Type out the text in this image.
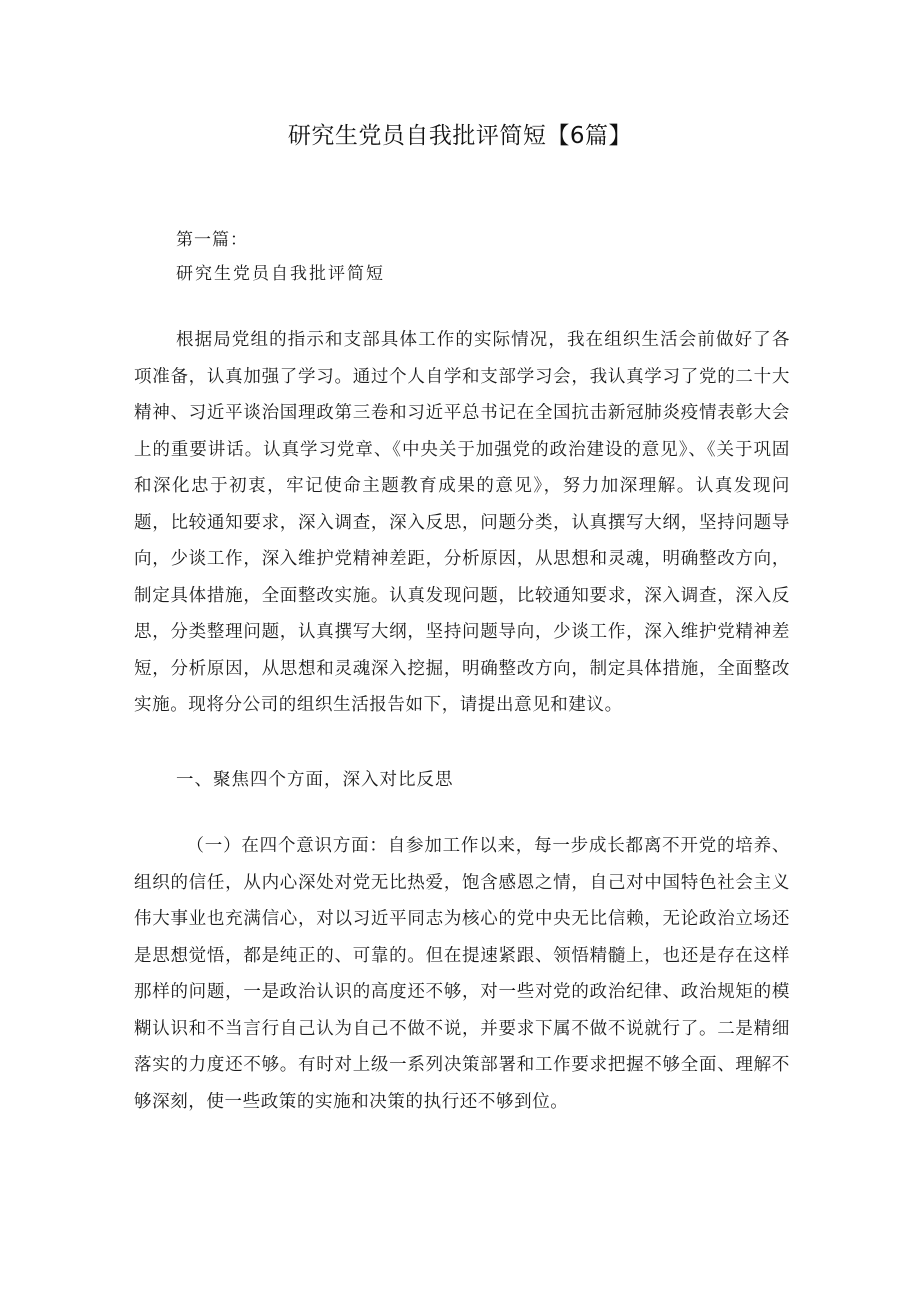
研究生党员自我批评简短【6篇】

第一篇：

研究生党员自我批评简短

根据局党组的指示和支部具体工作的实际情况，我在组织生活会前做好了各项准备，认真加强了学习。通过个人自学和支部学习会，我认真学习了党的二十大精神、习近平谈治国理政第三卷和习近平总书记在全国抗击新冠肺炎疫情表彰大会上的重要讲话。认真学习党章、《中央关于加强党的政治建设的意见》、《关于巩固和深化忠于初衷，牢记使命主题教育成果的意见》，努力加深理解。认真发现问题，比较通知要求，深入调查，深入反思，问题分类，认真撰写大纲，坚持问题导向，少谈工作，深入维护党精神差距，分析原因，从思想和灵魂，明确整改方向，制定具体措施，全面整改实施。认真发现问题，比较通知要求，深入调查，深入反思，分类整理问题，认真撰写大纲，坚持问题导向，少谈工作，深入维护党精神差短，分析原因，从思想和灵魂深入挖掘，明确整改方向，制定具体措施，全面整改实施。现将分公司的组织生活报告如下，请提出意见和建议。

一、聚焦四个方面，深入对比反思

（一）在四个意识方面：自参加工作以来，每一步成长都离不开党的培养、组织的信任，从内心深处对党无比热爱，饱含感恩之情，自己对中国特色社会主义伟大事业也充满信心，对以习近平同志为核心的党中央无比信赖，无论政治立场还是思想觉悟，都是纯正的、可靠的。但在提速紧跟、领悟精髓上，也还是存在这样那样的问题，一是政治认识的高度还不够，对一些对党的政治纪律、政治规矩的模糊认识和不当言行自己认为自己不做不说，并要求下属不做不说就行了。二是精细落实的力度还不够。有时对上级一系列决策部署和工作要求把握不够全面、理解不够深刻，使一些政策的实施和决策的执行还不够到位。
